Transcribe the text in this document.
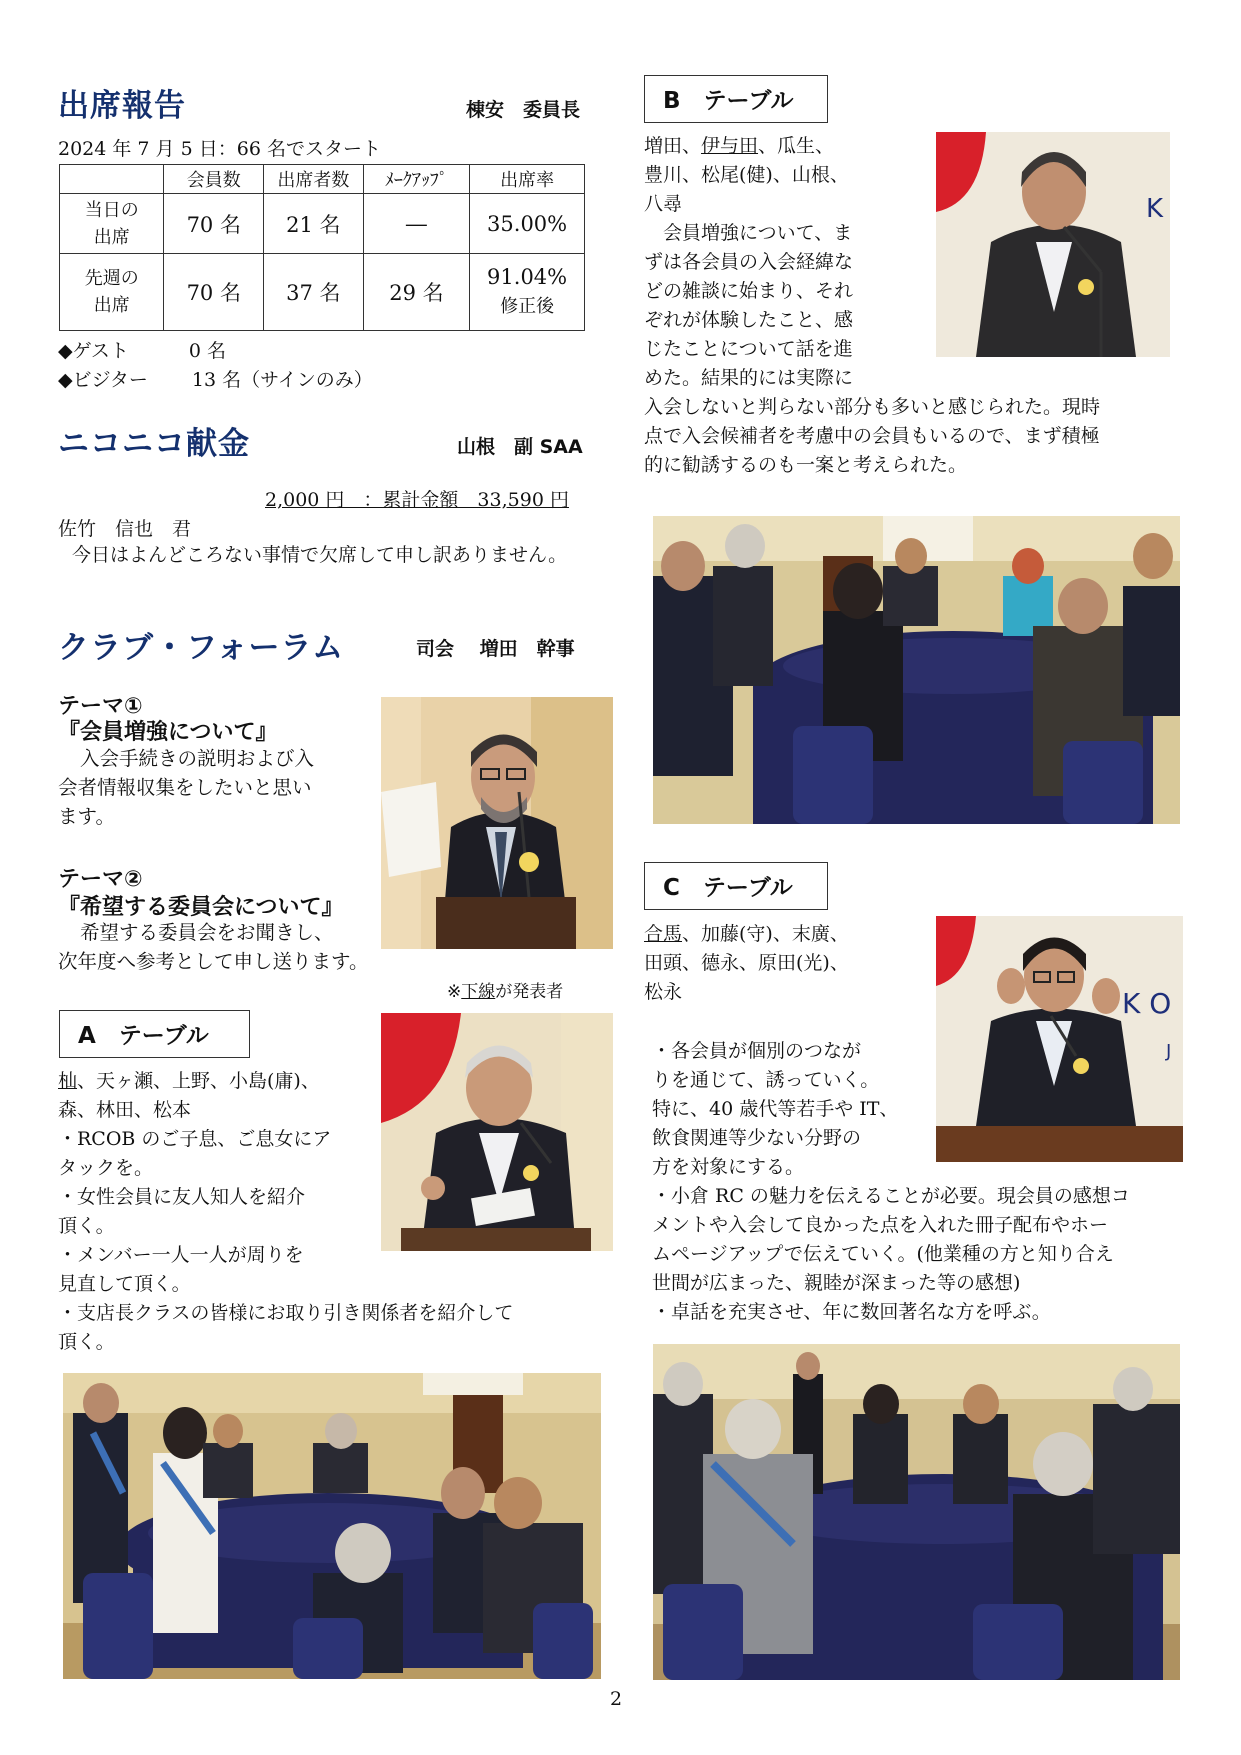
出席報告	棟安　委員長
2024 年 7 月 5 日：66 名でスタート
	会員数	出席者数	ﾒｰｸｱｯﾌﾟ	出席率
当日の
出席	70 名	21 名	―	35.00%
先週の
出席	70 名	37 名	29 名	91.04%
修正後
◆ゲスト	0 名
◆ビジター 13 名（サインのみ）
ニコニコ献金	山根　副 SAA
2,000 円　：累計金額　33,590 円
佐竹　信也　君
今日はよんどころない事情で欠席して申し訳ありません。
クラブ・フォーラム	司会　 増田　幹事
テーマ①
『会員増強について』
入会手続きの説明および入
会者情報収集をしたいと思い
ます。
テーマ②
『希望する委員会について』
希望する委員会をお聞きし、
次年度へ参考として申し送ります。
※下線が発表者
A　テーブル
杣、天ヶ瀬、上野、小島(庸)、
森、林田、松本
・RCOB のご子息、ご息女にア
タックを。
・女性会員に友人知人を紹介
頂く。
・メンバー一人一人が周りを
見直して頂く。
・支店長クラスの皆様にお取り引き関係者を紹介して
頂く。
B　テーブル
増田、伊与田、瓜生、
豊川、松尾(健)、山根、
八尋
　会員増強について、ま
ずは各会員の入会経緯な
どの雑談に始まり、それ
ぞれが体験したこと、感
じたことについて話を進
めた。結果的には実際に
入会しないと判らない部分も多いと感じられた。現時
点で入会候補者を考慮中の会員もいるので、まず積極
的に勧誘するのも一案と考えられた。
K
C　テーブル
合馬、加藤(守)、末廣、
田頭、德永、原田(光)、
松永
・各会員が個別のつなが
りを通じて、誘っていく。
特に、40 歳代等若手や IT、
飲食関連等少ない分野の
方を対象にする。
・小倉 RC の魅力を伝えることが必要。現会員の感想コ
メントや入会して良かった点を入れた冊子配布やホー
ムページアップで伝えていく。(他業種の方と知り合え
世間が広まった、親睦が深まった等の感想)
・卓話を充実させ、年に数回著名な方を呼ぶ。
K O
J
2
